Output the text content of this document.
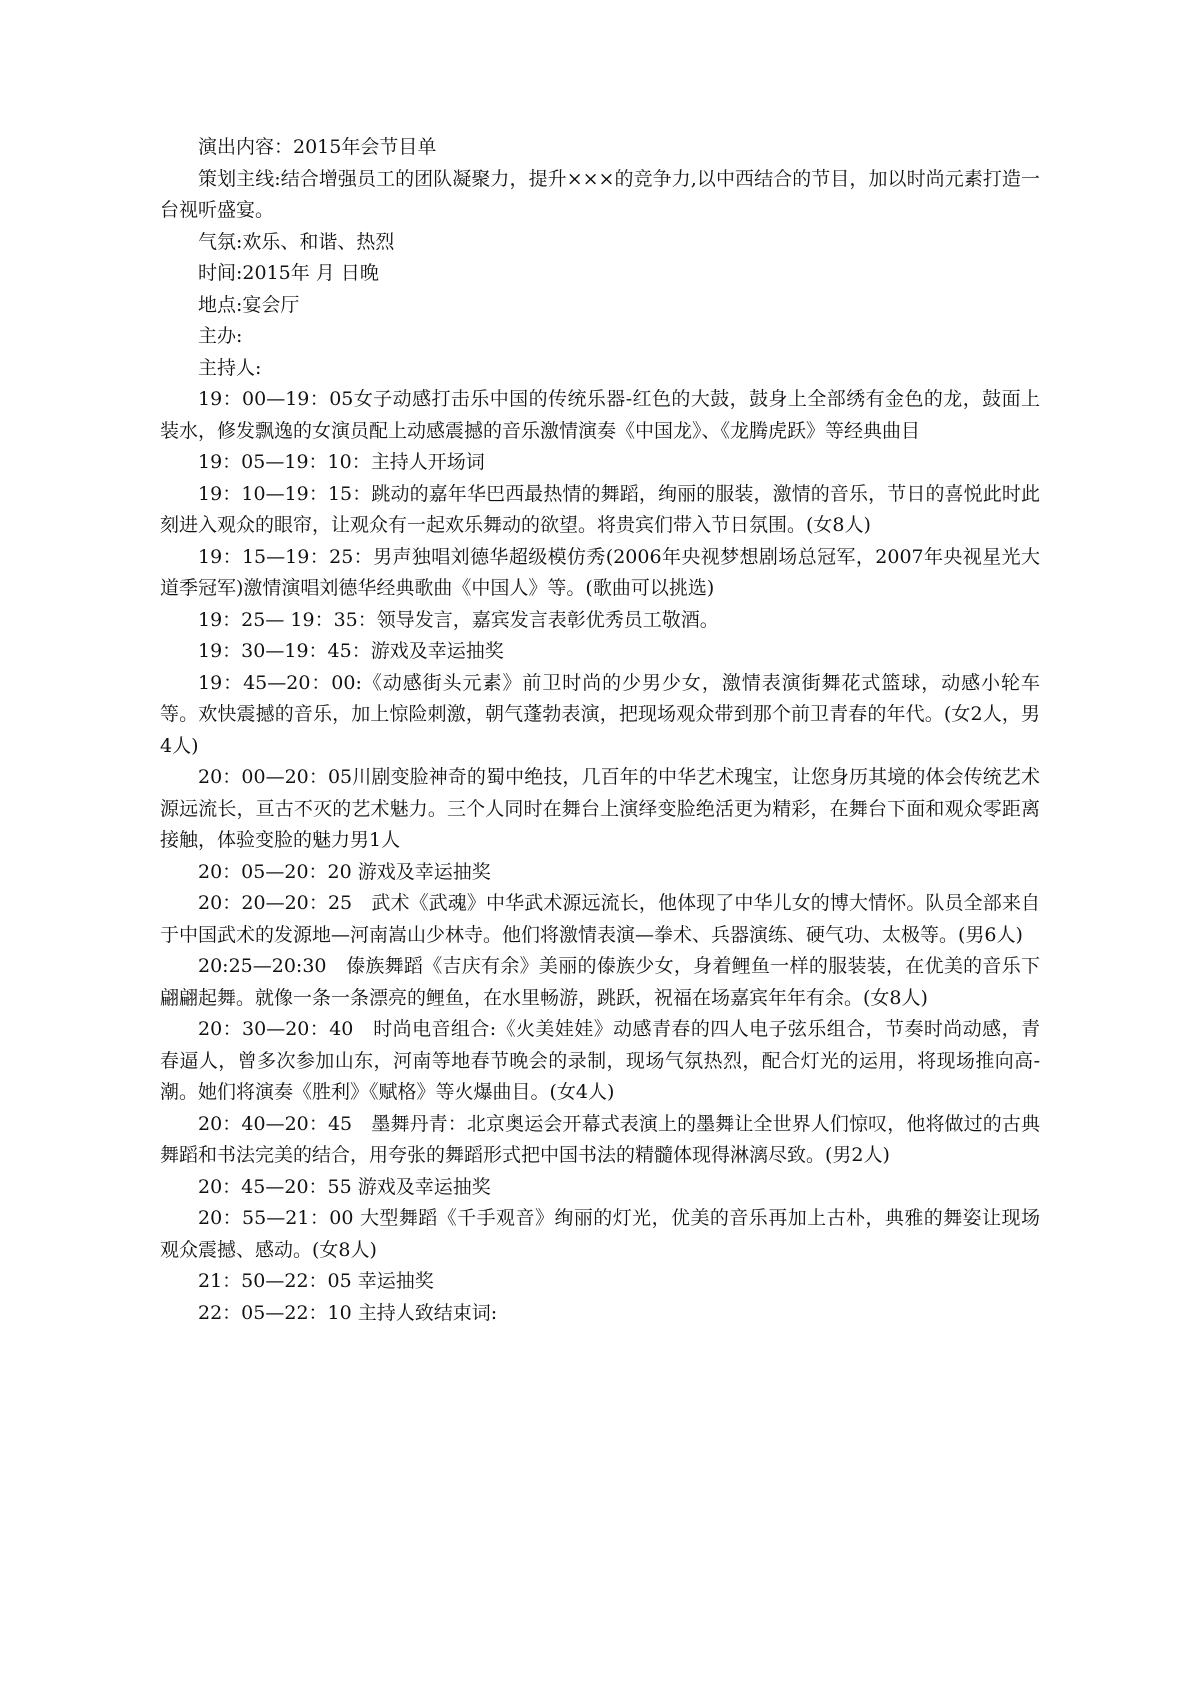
演出内容：2015年会节目单

策划主线:结合增强员工的团队凝聚力，提升×××的竞争力,以中西结合的节目，加以时尚元素打造一台视听盛宴。

气氛:欢乐、和谐、热烈

时间:2015年 月 日晚

地点:宴会厅

主办:

主持人:

19：00—19：05女子动感打击乐中国的传统乐器-红色的大鼓，鼓身上全部绣有金色的龙，鼓面上装水，修发飘逸的女演员配上动感震撼的音乐激情演奏《中国龙》、《龙腾虎跃》等经典曲目

19：05—19：10：主持人开场词

19：10—19：15：跳动的嘉年华巴西最热情的舞蹈，绚丽的服装，激情的音乐，节日的喜悦此时此刻进入观众的眼帘，让观众有一起欢乐舞动的欲望。将贵宾们带入节日氛围。(女8人)

19：15—19：25：男声独唱刘德华超级模仿秀(2006年央视梦想剧场总冠军，2007年央视星光大道季冠军)激情演唱刘德华经典歌曲《中国人》等。(歌曲可以挑选)

19：25— 19：35：领导发言，嘉宾发言表彰优秀员工敬酒。

19：30—19：45：游戏及幸运抽奖

19：45—20：00:《动感街头元素》前卫时尚的少男少女，激情表演街舞花式篮球，动感小轮车等。欢快震撼的音乐，加上惊险刺激，朝气蓬勃表演，把现场观众带到那个前卫青春的年代。(女2人，男4人)

20：00—20：05川剧变脸神奇的蜀中绝技，几百年的中华艺术瑰宝，让您身历其境的体会传统艺术源远流长，亘古不灭的艺术魅力。三个人同时在舞台上演绎变脸绝活更为精彩，在舞台下面和观众零距离接触，体验变脸的魅力男1人

20：05—20：20 游戏及幸运抽奖

20：20—20：25　武术《武魂》中华武术源远流长，他体现了中华儿女的博大情怀。队员全部来自于中国武术的发源地—河南嵩山少林寺。他们将激情表演—拳术、兵器演练、硬气功、太极等。(男6人)

20:25—20:30　傣族舞蹈《吉庆有余》美丽的傣族少女，身着鲤鱼一样的服装装，在优美的音乐下翩翩起舞。就像一条一条漂亮的鲤鱼，在水里畅游，跳跃，祝福在场嘉宾年年有余。(女8人)

20：30—20：40　时尚电音组合:《火美娃娃》动感青春的四人电子弦乐组合，节奏时尚动感，青春逼人，曾多次参加山东，河南等地春节晚会的录制，现场气氛热烈，配合灯光的运用，将现场推向高-潮。她们将演奏《胜利》《赋格》等火爆曲目。(女4人)

20：40—20：45　墨舞丹青：北京奥运会开幕式表演上的墨舞让全世界人们惊叹，他将做过的古典舞蹈和书法完美的结合，用夸张的舞蹈形式把中国书法的精髓体现得淋漓尽致。(男2人)

20：45—20：55 游戏及幸运抽奖

20：55—21：00 大型舞蹈《千手观音》绚丽的灯光，优美的音乐再加上古朴，典雅的舞姿让现场观众震撼、感动。(女8人)

21：50—22：05 幸运抽奖

22：05—22：10 主持人致结束词:
